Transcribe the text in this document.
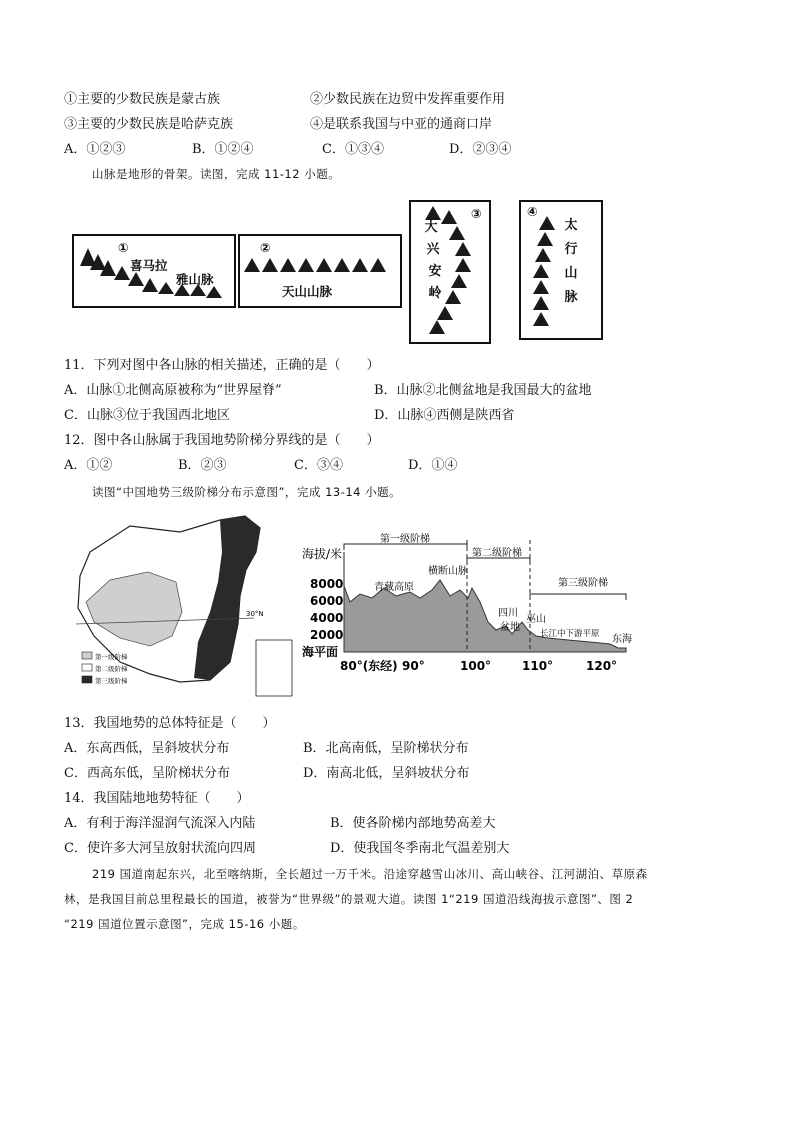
①主要的少数民族是蒙古族	②少数民族在边贸中发挥重要作用
③主要的少数民族是哈萨克族	④是联系我国与中亚的通商口岸
A．①②③	B．①②④	C．①③④	D．②③④
山脉是地形的骨架。读图，完成 11-12 小题。
①
喜马拉
雅山脉
②
天山山脉
③
大
兴
安
岭
④
太
行
山
脉
11．下列对图中各山脉的相关描述，正确的是（　　）
A．山脉①北侧高原被称为“世界屋脊”	B．山脉②北侧盆地是我国最大的盆地
C．山脉③位于我国西北地区	D．山脉④西侧是陕西省
12．图中各山脉属于我国地势阶梯分界线的是（　　）
A．①②	B．②③	C．③④	D．①④
读图“中国地势三级阶梯分布示意图”，完成 13-14 小题。
30°N
第一级阶梯
第二级阶梯
第三级阶梯
海拔/米
8000
6000
4000
2000
海平面
第一级阶梯
第二级阶梯
第三级阶梯
青藏高原
横断山脉
四川
盆地
巫山
长江中下游平原 东海
80°(东经) 90°	100°	110°	120°
13．我国地势的总体特征是（　　）
A．东高西低，呈斜坡状分布	B．北高南低，呈阶梯状分布
C．西高东低，呈阶梯状分布	D．南高北低，呈斜坡状分布
14．我国陆地地势特征（　　）
A．有利于海洋湿润气流深入内陆	B．使各阶梯内部地势高差大
C．使许多大河呈放射状流向四周	D．使我国冬季南北气温差别大
219 国道南起东兴，北至喀纳斯，全长超过一万千米。沿途穿越雪山冰川、高山峡谷、江河湖泊、草原森
林，是我国目前总里程最长的国道，被誉为“世界级”的景观大道。读图 1“219 国道沿线海拔示意图”、图 2
“219 国道位置示意图”，完成 15-16 小题。
